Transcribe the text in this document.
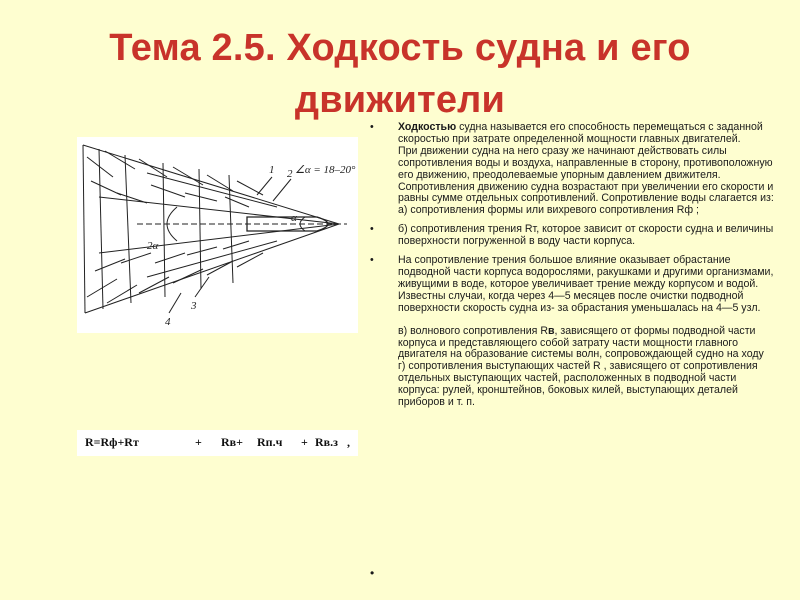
Тема 2.5. Ходкость судна и его движители
∠α = 18–20°
1 2
3
4
2α
α
R=Rф+Rт	+ Rв+ Rп.ч + Rв.з ,
• Ходкостью судна называется его способность перемещаться с заданной скоростью при затрате определенной мощности главных двигателей.

При движении судна на него сразу же начинают действовать силы сопротивления воды и воздуха, направленные в сторону, противоположную его движению, преодолеваемые упорным давлением движителя.

Сопротивления движению судна возрастают при увеличении его скорости и равны сумме отдельных сопротивлений. Сопротивление воды слагается из:

а) сопротивления формы или вихревого сопротивления Rф ;

• б) сопротивления трения Rт, которое зависит от скорости судна и величины поверхности погруженной в воду части корпуса.

• На сопротивление трения большое влияние оказывает обрастание подводной части корпуса водорослями, ракушками и другими организмами, живущими в воде, которое увеличивает трение между корпусом и водой. Известны случаи, когда через 4—5 месяцев после очистки подводной поверхности скорость судна из- за обрастания уменьшалась на 4—5 узл.

в) волнового сопротивления Rв, зависящего от формы подводной части корпуса и представляющего собой затрату части мощности главного двигателя на образование системы волн, сопровождающей судно на ходу

г) сопротивления выступающих частей R , зависящего от сопротивления отдельных выступающих частей, расположенных в подводной части корпуса: рулей, кронштейнов, боковых килей, выступающих деталей приборов и т. п.

•
